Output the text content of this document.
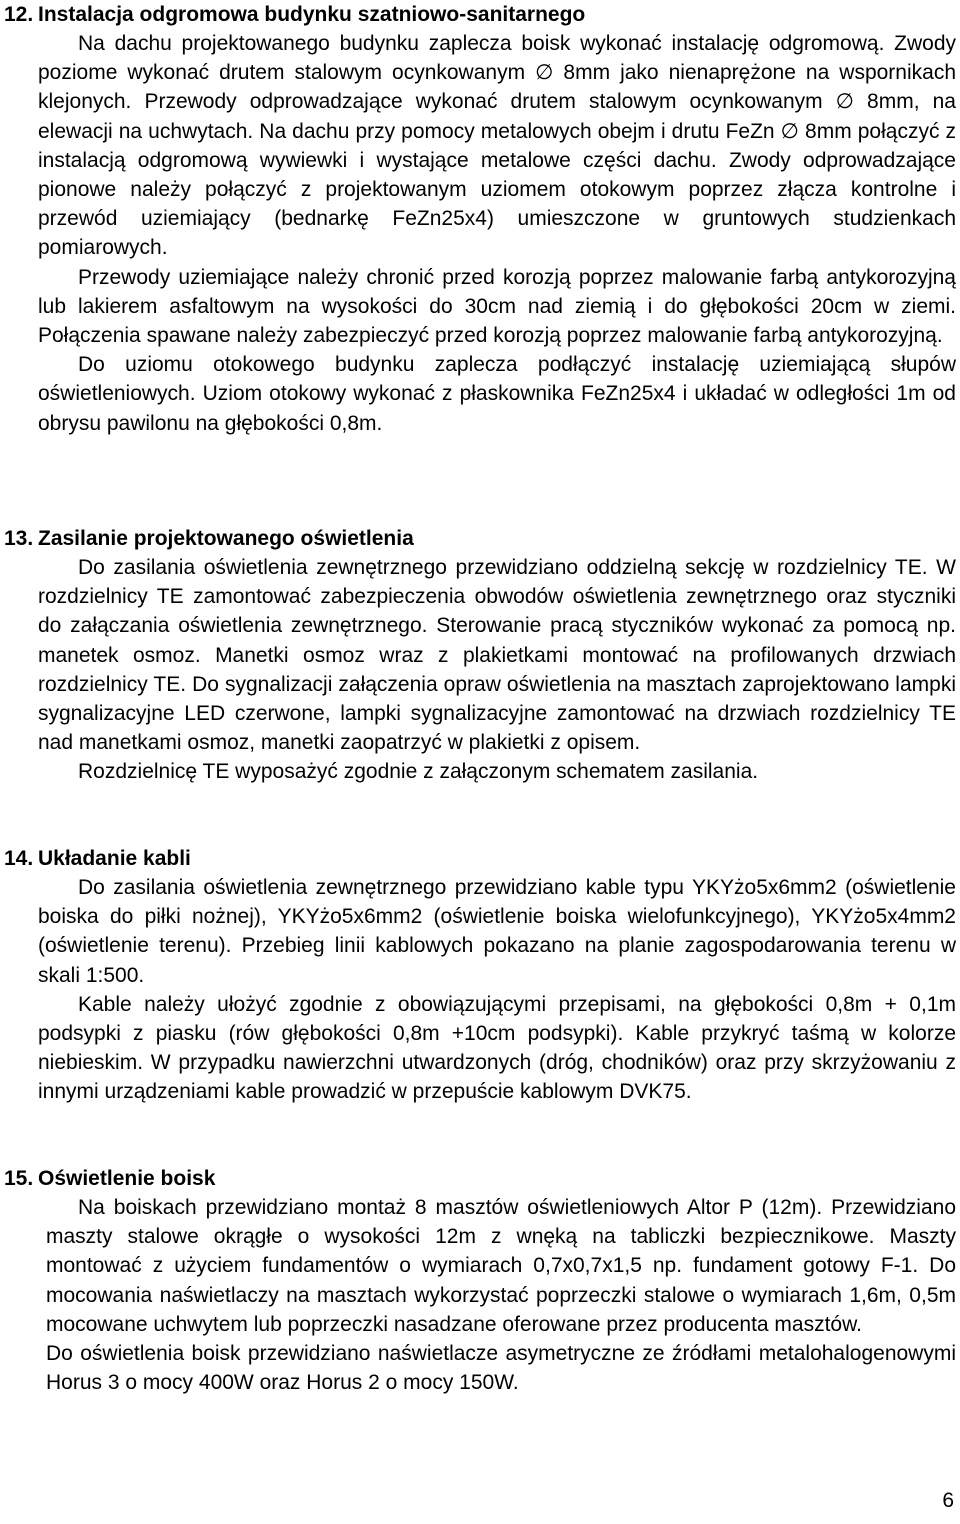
12. Instalacja odgromowa budynku szatniowo-sanitarnego

Na dachu projektowanego budynku zaplecza boisk wykonać instalację odgromową. Zwody poziome wykonać drutem stalowym ocynkowanym ∅ 8mm jako nienaprężone na wspornikach klejonych. Przewody odprowadzające wykonać drutem stalowym ocynkowanym ∅ 8mm, na elewacji na uchwytach. Na dachu przy pomocy metalowych obejm i drutu FeZn ∅ 8mm połączyć z instalacją odgromową wywiewki i wystające metalowe części dachu. Zwody odprowadzające pionowe należy połączyć z projektowanym uziomem otokowym poprzez złącza kontrolne i przewód uziemiający (bednarkę FeZn25x4) umieszczone w gruntowych studzienkach pomiarowych.

Przewody uziemiające należy chronić przed korozją poprzez malowanie farbą antykorozyjną lub lakierem asfaltowym na wysokości do 30cm nad ziemią i do głębokości 20cm w ziemi. Połączenia spawane należy zabezpieczyć przed korozją poprzez malowanie farbą antykorozyjną.

Do uziomu otokowego budynku zaplecza podłączyć instalację uziemiającą słupów oświetleniowych. Uziom otokowy wykonać z płaskownika FeZn25x4 i układać w odległości 1m od obrysu pawilonu na głębokości 0,8m.

13. Zasilanie projektowanego oświetlenia

Do zasilania oświetlenia zewnętrznego przewidziano oddzielną sekcję w rozdzielnicy TE. W rozdzielnicy TE zamontować zabezpieczenia obwodów oświetlenia zewnętrznego oraz styczniki do załączania oświetlenia zewnętrznego. Sterowanie pracą styczników wykonać za pomocą np. manetek osmoz. Manetki osmoz wraz z plakietkami montować na profilowanych drzwiach rozdzielnicy TE. Do sygnalizacji załączenia opraw oświetlenia na masztach zaprojektowano lampki sygnalizacyjne LED czerwone, lampki sygnalizacyjne zamontować na drzwiach rozdzielnicy TE nad manetkami osmoz, manetki zaopatrzyć w plakietki z opisem.

Rozdzielnicę TE wyposażyć zgodnie z załączonym schematem zasilania.

14. Układanie kabli

Do zasilania oświetlenia zewnętrznego przewidziano kable typu YKYżo5x6mm2 (oświetlenie boiska do piłki nożnej), YKYżo5x6mm2 (oświetlenie boiska wielofunkcyjnego), YKYżo5x4mm2 (oświetlenie terenu). Przebieg linii kablowych pokazano na planie zagospodarowania terenu w skali 1:500.

Kable należy ułożyć zgodnie z obowiązującymi przepisami, na głębokości 0,8m + 0,1m podsypki z piasku (rów głębokości 0,8m +10cm podsypki). Kable przykryć taśmą w kolorze niebieskim. W przypadku nawierzchni utwardzonych (dróg, chodników) oraz przy skrzyżowaniu z innymi urządzeniami kable prowadzić w przepuście kablowym DVK75.

15. Oświetlenie boisk

Na boiskach przewidziano montaż 8 masztów oświetleniowych Altor P (12m). Przewidziano maszty stalowe okrągłe o wysokości 12m z wnęką na tabliczki bezpiecznikowe. Maszty montować z użyciem fundamentów o wymiarach 0,7x0,7x1,5 np. fundament gotowy F-1. Do mocowania naświetlaczy na masztach wykorzystać poprzeczki stalowe o wymiarach 1,6m, 0,5m mocowane uchwytem lub poprzeczki nasadzane oferowane przez producenta masztów.

Do oświetlenia boisk przewidziano naświetlacze asymetryczne ze źródłami metalohalogenowymi Horus 3 o mocy 400W oraz Horus 2 o mocy 150W.

6
